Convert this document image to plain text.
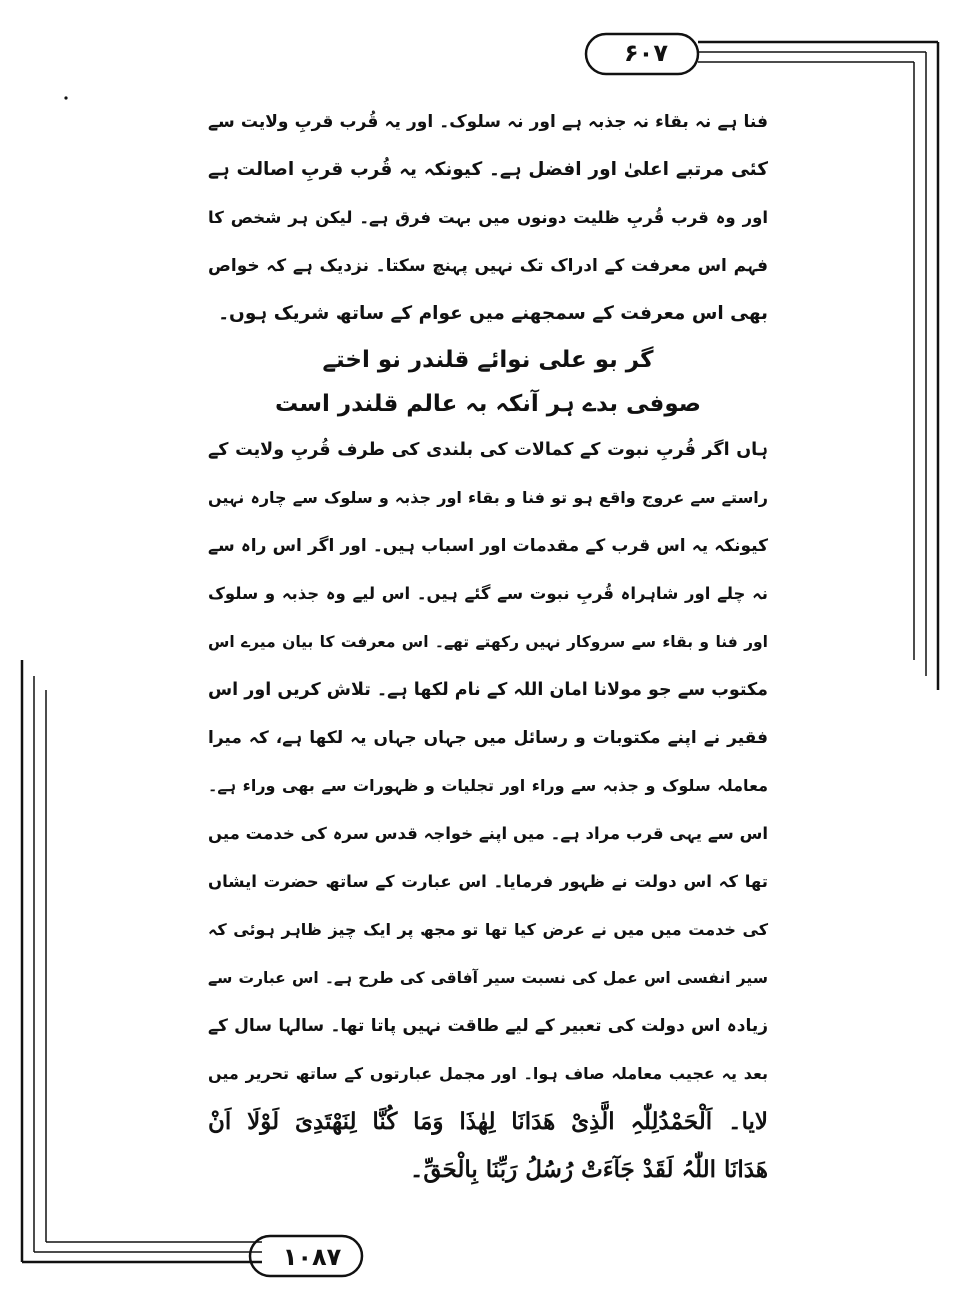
۶۰۷
۱۰۸۷
فنا ہے نہ بقاء نہ جذبہ ہے اور نہ سلوک۔ اور یہ قُرب قربِ ولایت سے
کئی مرتبے اعلیٰ اور افضل ہے۔ کیونکہ یہ قُرب قربِ اصالت ہے
اور وہ قرب قُربِ ظلیت دونوں میں بہت فرق ہے۔ لیکن ہر شخص کا
فہم اس معرفت کے ادراک تک نہیں پہنچ سکتا۔ نزدیک ہے کہ خواص
بھی اس معرفت کے سمجھنے میں عوام کے ساتھ شریک ہوں۔
گر بو علی نوائے قلندر نو اختے
صوفی بدے ہر آنکہ بہ عالم قلندر است
ہاں اگر قُربِ نبوت کے کمالات کی بلندی کی طرف قُربِ ولایت کے
راستے سے عروج واقع ہو تو فنا و بقاء اور جذبہ و سلوک سے چارہ نہیں
کیونکہ یہ اس قرب کے مقدمات اور اسباب ہیں۔ اور اگر اس راہ سے
نہ چلے اور شاہراہ قُربِ نبوت سے گئے ہیں۔ اس لیے وہ جذبہ و سلوک
اور فنا و بقاء سے سروکار نہیں رکھتے تھے۔ اس معرفت کا بیان میرے اس
مکتوب سے جو مولانا امان اللہ کے نام لکھا ہے۔ تلاش کریں اور اس
فقیر نے اپنے مکتوبات و رسائل میں جہاں جہاں یہ لکھا ہے، کہ میرا
معاملہ سلوک و جذبہ سے وراء اور تجلیات و ظہورات سے بھی وراء ہے۔
اس سے یہی قرب مراد ہے۔ میں اپنے خواجہ قدس سرہ کی خدمت میں
تھا کہ اس دولت نے ظہور فرمایا۔ اس عبارت کے ساتھ حضرت ایشاں
کی خدمت میں میں نے عرض کیا تھا تو مجھ پر ایک چیز ظاہر ہوئی کہ
سیر انفسی اس عمل کی نسبت سیر آفاقی کی طرح ہے۔ اس عبارت سے
زیادہ اس دولت کی تعبیر کے لیے طاقت نہیں پاتا تھا۔ سالہا سال کے
بعد یہ عجیب معاملہ صاف ہوا۔ اور مجمل عبارتوں کے ساتھ تحریر میں
لایا۔ اَلْحَمْدُلِلّٰہِ الَّذِیْ ھَدَانَا لِھٰذَا وَمَا کُنَّا لِنَھْتَدِیَ لَوْلَا اَنْ
ھَدَانَا اللّٰہُ لَقَدْ جَآءَتْ رُسُلُ رَبِّنَا بِالْحَقِّ۔
